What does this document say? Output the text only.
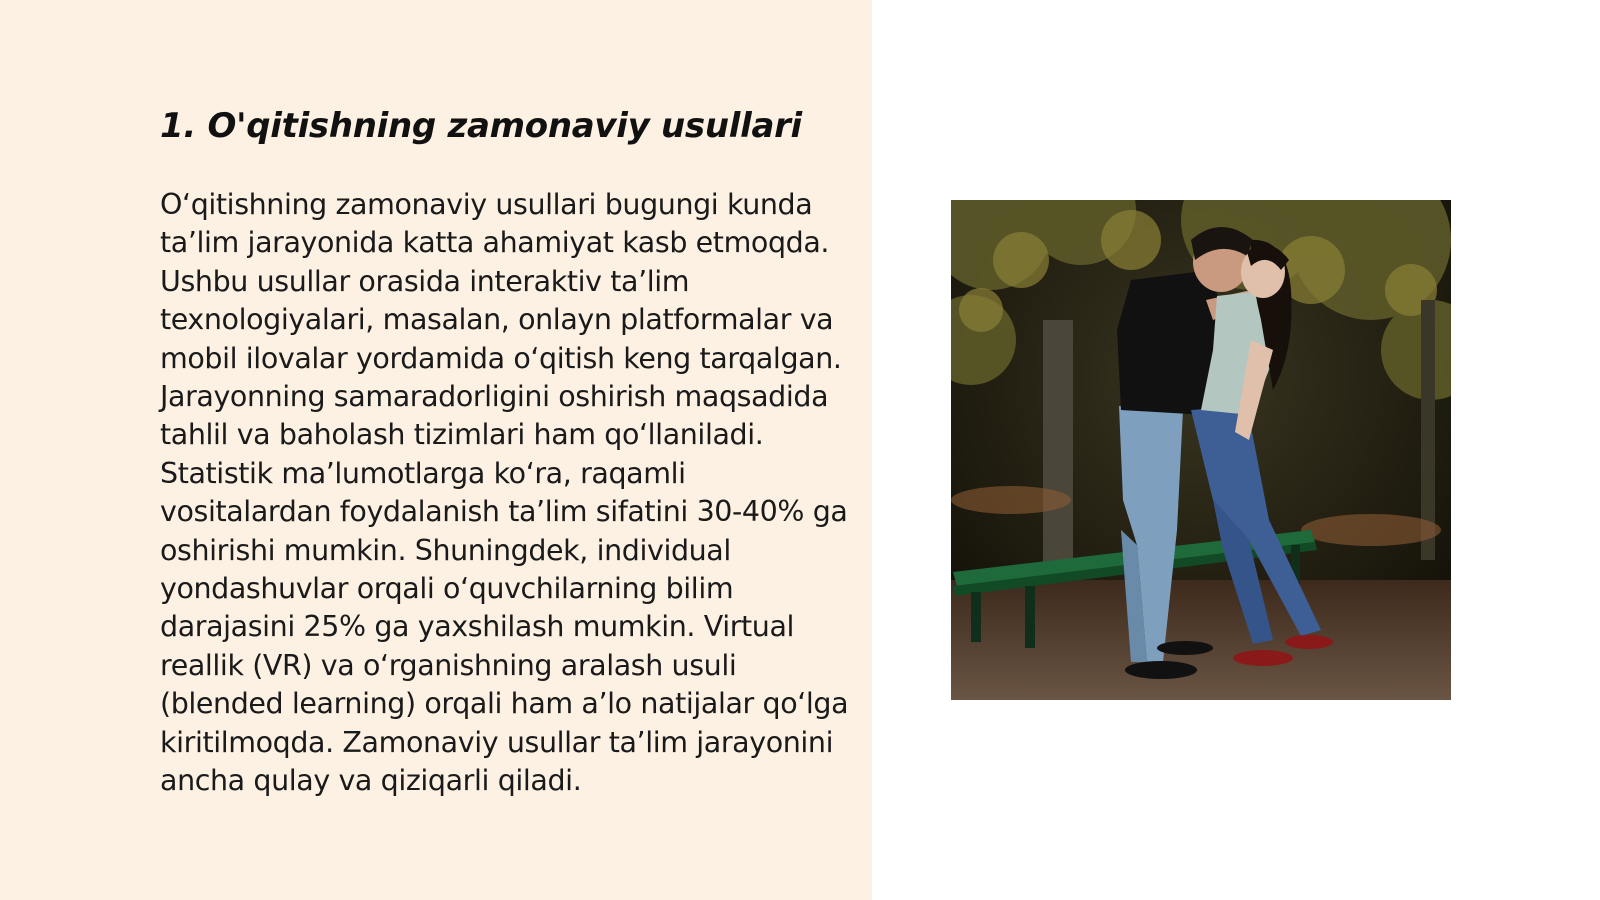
1. O'qitishning zamonaviy usullari

O‘qitishning zamonaviy usullari bugungi kunda ta’lim jarayonida katta ahamiyat kasb etmoqda. Ushbu usullar orasida interaktiv ta’lim texnologiyalari, masalan, onlayn platformalar va mobil ilovalar yordamida o‘qitish keng tarqalgan. Jarayonning samaradorligini oshirish maqsadida tahlil va baholash tizimlari ham qo‘llaniladi. Statistik ma’lumotlarga ko‘ra, raqamli vositalardan foydalanish ta’lim sifatini 30-40% ga oshirishi mumkin. Shuningdek, individual yondashuvlar orqali o‘quvchilarning bilim darajasini 25% ga yaxshilash mumkin. Virtual reallik (VR) va o‘rganishning aralash usuli (blended learning) orqali ham a’lo natijalar qo‘lga kiritilmoqda. Zamonaviy usullar ta’lim jarayonini ancha qulay va qiziqarli qiladi.
